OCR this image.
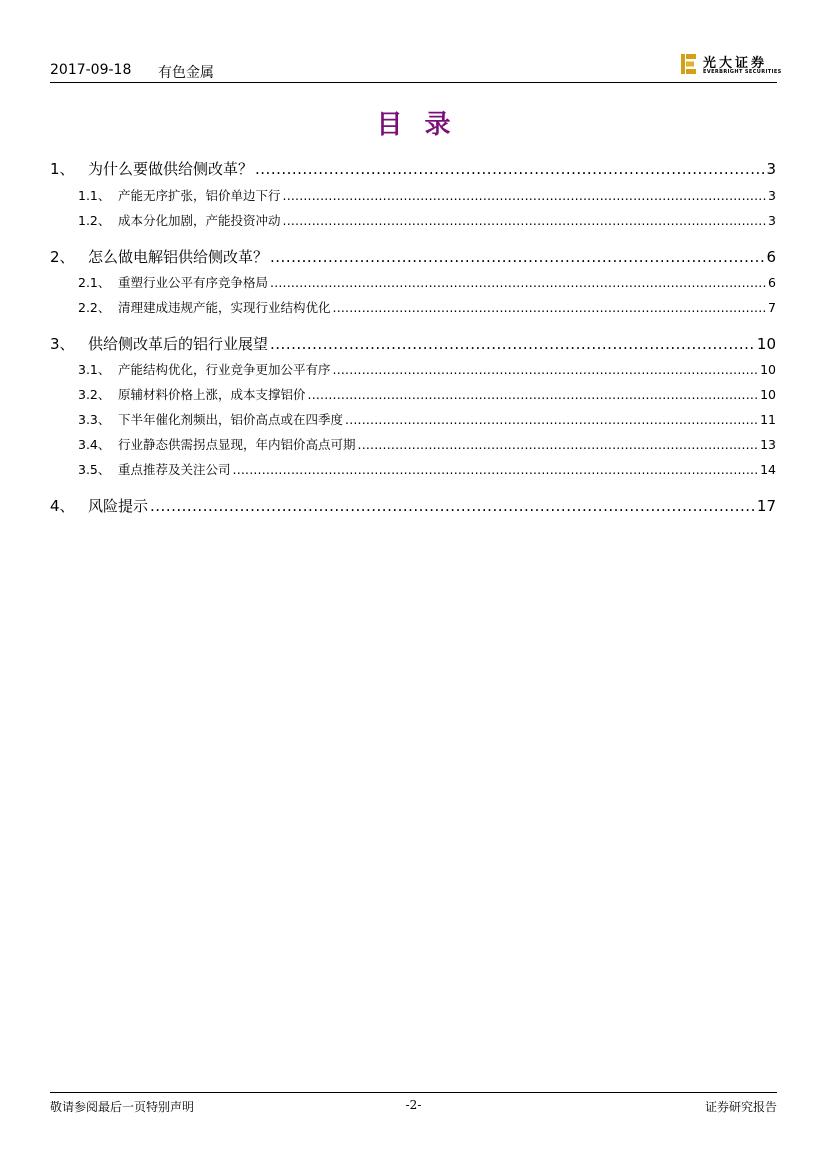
2017-09-18 有色金属
光大证券
EVERBRIGHT SECURITIES
目录
1、 为什么要做供给侧改革？ .....	3
1.1、 产能无序扩张，铝价单边下行 .....	3
1.2、 成本分化加剧，产能投资冲动 .....	3
2、 怎么做电解铝供给侧改革？ .....	6
2.1、 重塑行业公平有序竞争格局 .....	6
2.2、 清理建成违规产能，实现行业结构优化 .....	7
3、 供给侧改革后的铝行业展望 .....	10
3.1、 产能结构优化，行业竞争更加公平有序 .....	10
3.2、 原辅材料价格上涨，成本支撑铝价 .....	10
3.3、 下半年催化剂频出，铝价高点或在四季度 .....	11
3.4、 行业静态供需拐点显现，年内铝价高点可期 .....	13
3.5、 重点推荐及关注公司 .....	14
4、 风险提示 .....	17
敬请参阅最后一页特别声明	-2-	证券研究报告
